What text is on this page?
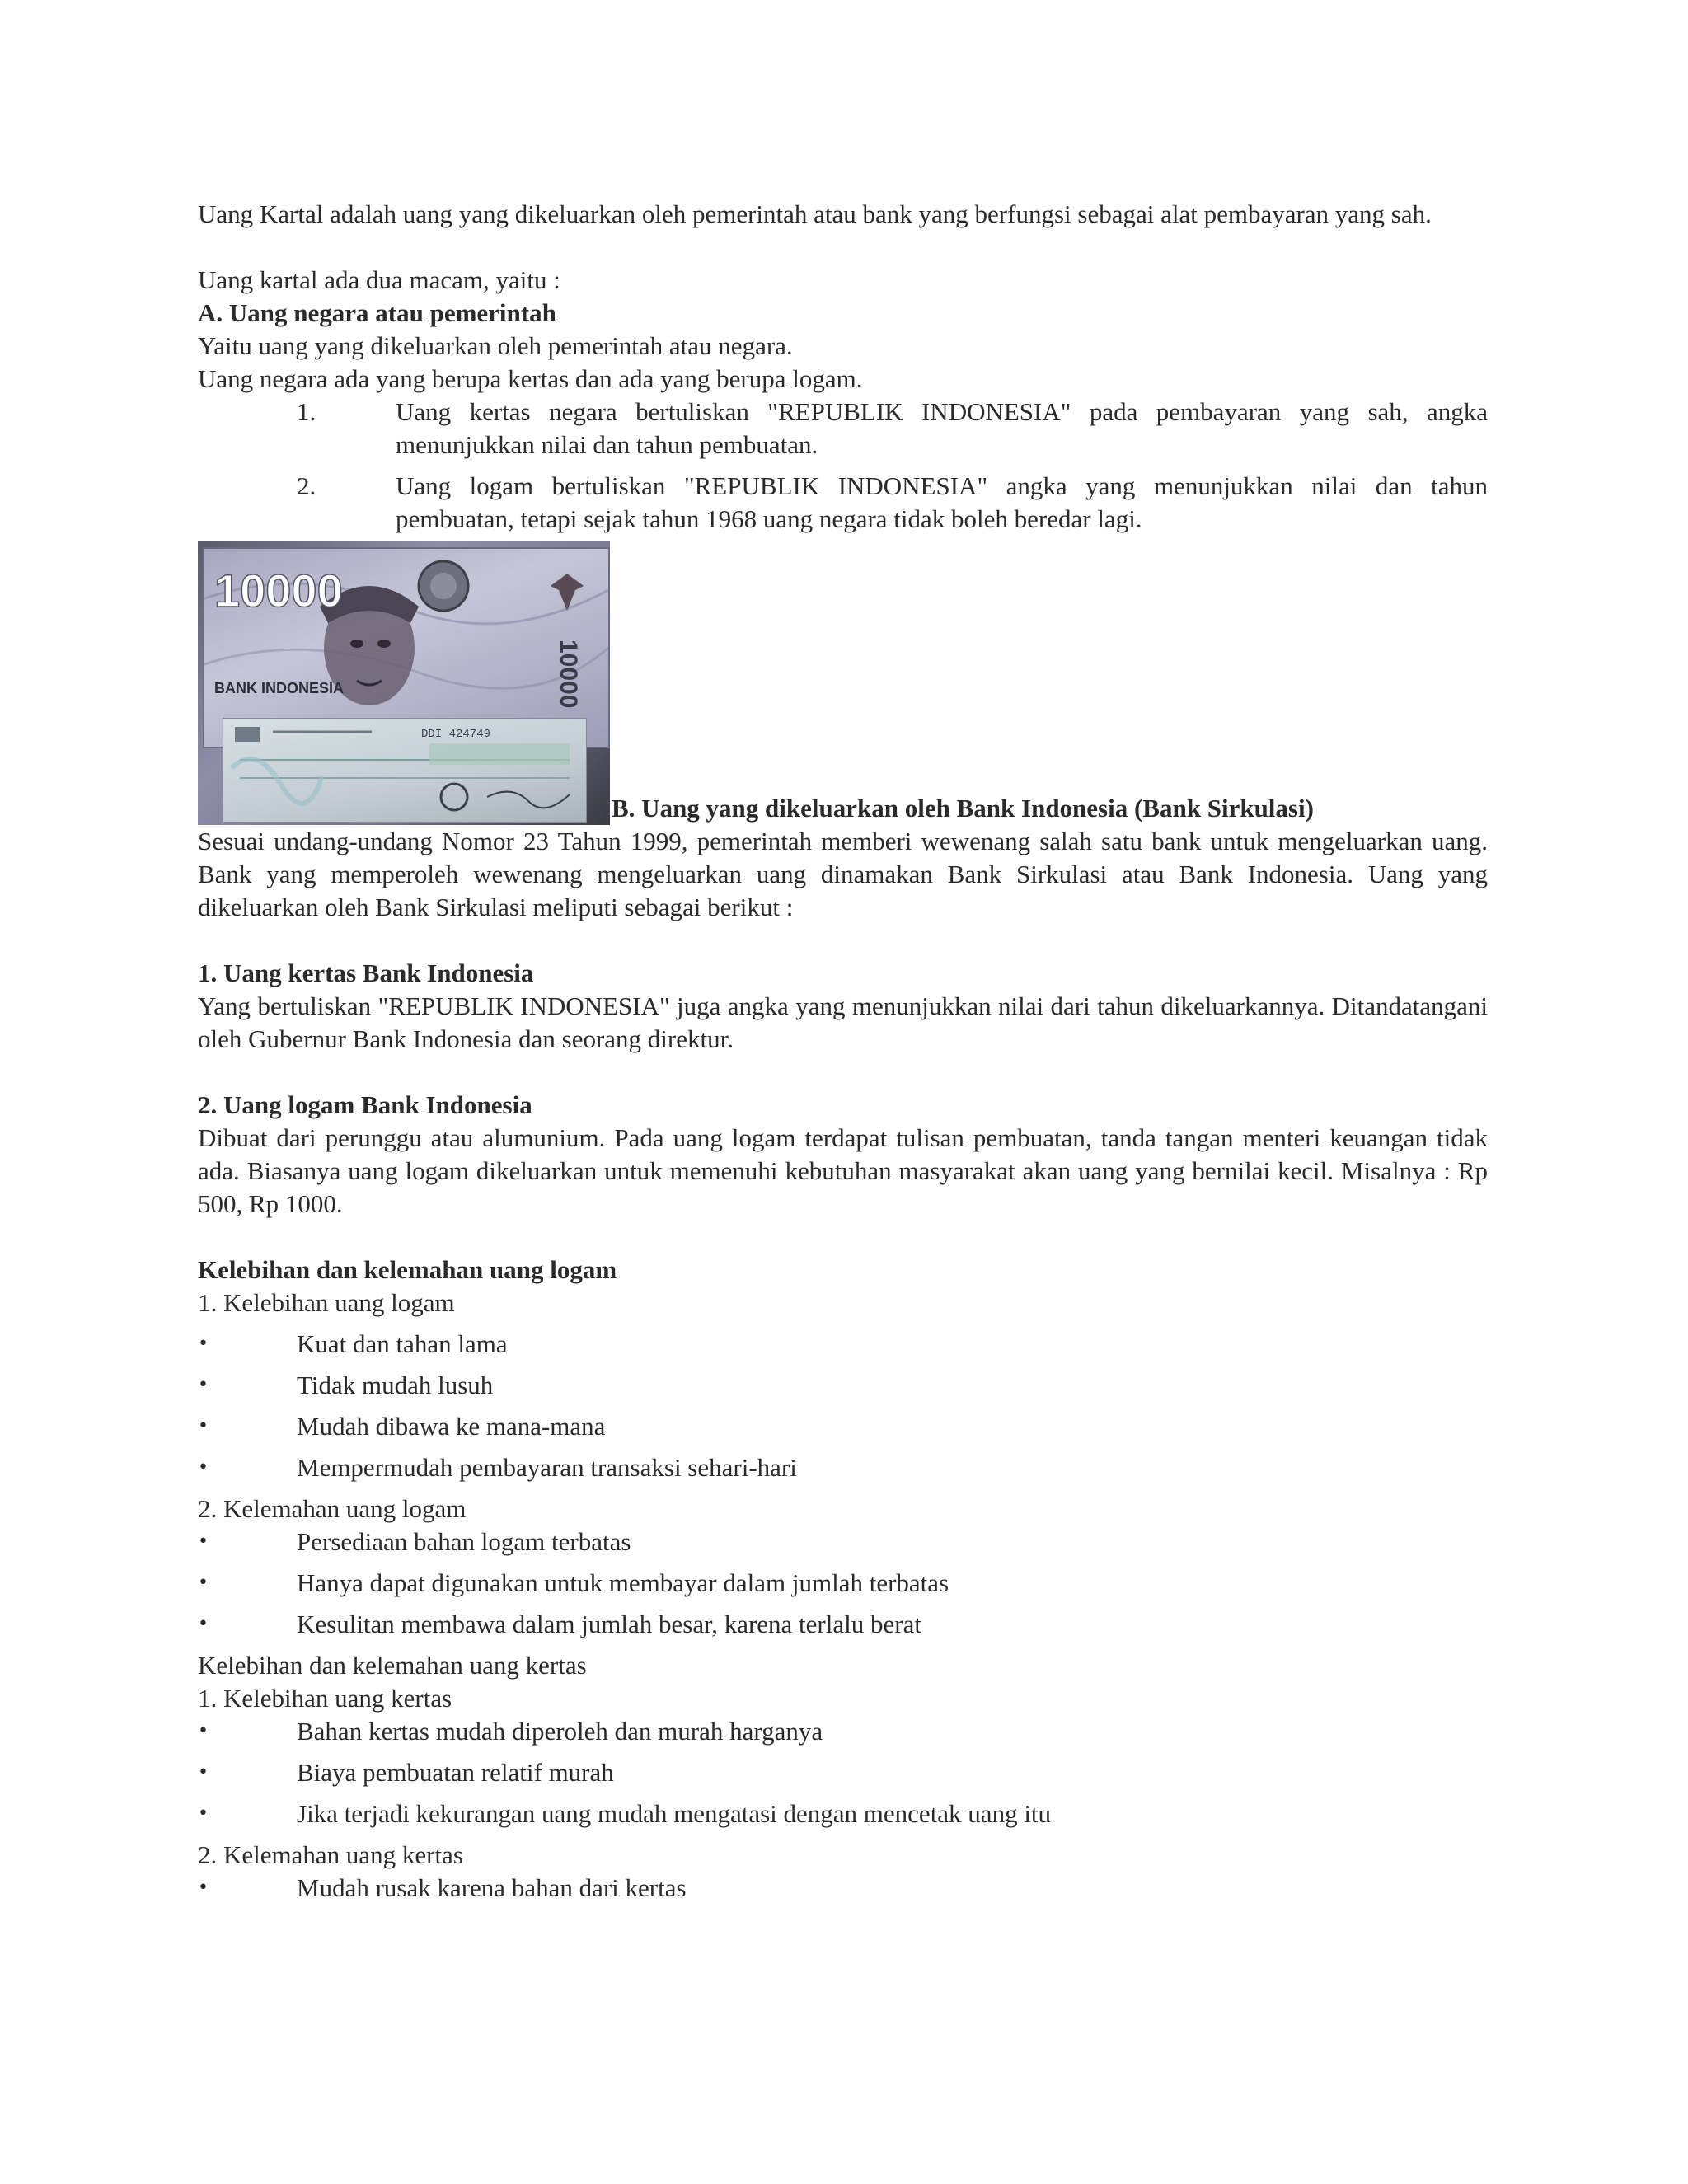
Uang Kartal adalah uang yang dikeluarkan oleh pemerintah atau bank yang berfungsi sebagai alat pembayaran yang sah.

Uang kartal ada dua macam, yaitu :

A. Uang negara atau pemerintah

Yaitu uang yang dikeluarkan oleh pemerintah atau negara.

Uang negara ada yang berupa kertas dan ada yang berupa logam.

1.	Uang kertas negara bertuliskan "REPUBLIK INDONESIA" pada pembayaran yang sah, angka menunjukkan nilai dan tahun pembuatan.
2.	Uang logam bertuliskan "REPUBLIK INDONESIA" angka yang menunjukkan nilai dan tahun pembuatan, tetapi sejak tahun 1968 uang negara tidak boleh beredar lagi.
10000
BANK INDONESIA	10000
DDI 424749
B. Uang yang dikeluarkan oleh Bank Indonesia (Bank Sirkulasi)

Sesuai undang-undang Nomor 23 Tahun 1999, pemerintah memberi wewenang salah satu bank untuk mengeluarkan uang. Bank yang memperoleh wewenang mengeluarkan uang dinamakan Bank Sirkulasi atau Bank Indonesia. Uang yang dikeluarkan oleh Bank Sirkulasi meliputi sebagai berikut :

1. Uang kertas Bank Indonesia

Yang bertuliskan "REPUBLIK INDONESIA" juga angka yang menunjukkan nilai dari tahun dikeluarkannya. Ditandatangani oleh Gubernur Bank Indonesia dan seorang direktur.

2. Uang logam Bank Indonesia

Dibuat dari perunggu atau alumunium. Pada uang logam terdapat tulisan pembuatan, tanda tangan menteri keuangan tidak ada. Biasanya uang logam dikeluarkan untuk memenuhi kebutuhan masyarakat akan uang yang bernilai kecil. Misalnya : Rp 500, Rp 1000.

Kelebihan dan kelemahan uang logam

1. Kelebihan uang logam

•	Kuat dan tahan lama
•	Tidak mudah lusuh
•	Mudah dibawa ke mana-mana
•	Mempermudah pembayaran transaksi sehari-hari

2. Kelemahan uang logam

•	Persediaan bahan logam terbatas
•	Hanya dapat digunakan untuk membayar dalam jumlah terbatas
•	Kesulitan membawa dalam jumlah besar, karena terlalu berat

Kelebihan dan kelemahan uang kertas

1. Kelebihan uang kertas

•	Bahan kertas mudah diperoleh dan murah harganya
•	Biaya pembuatan relatif murah
•	Jika terjadi kekurangan uang mudah mengatasi dengan mencetak uang itu

2. Kelemahan uang kertas

•	Mudah rusak karena bahan dari kertas
